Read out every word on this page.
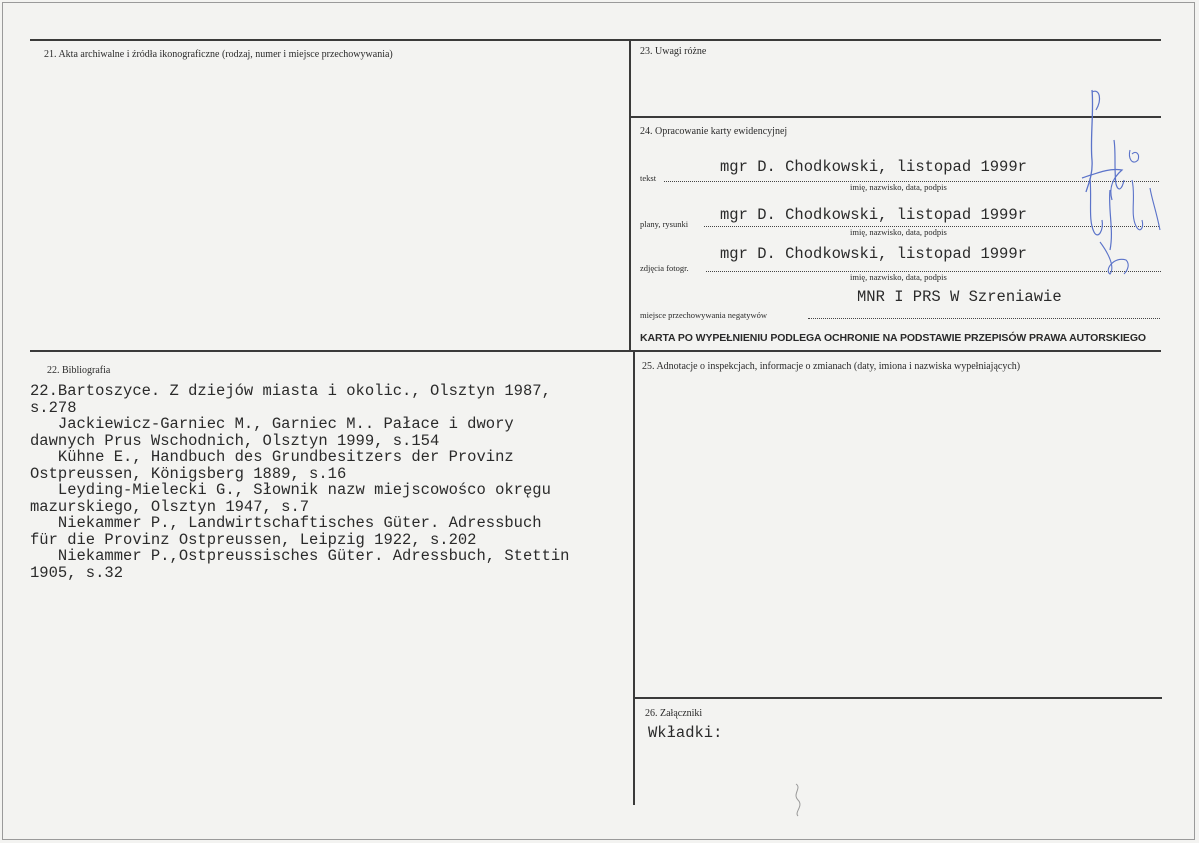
21. Akta archiwalne i źródła ikonograficzne (rodzaj, numer i miejsce przechowywania)	23. Uwagi różne
24. Opracowanie karty ewidencyjnej
mgr D. Chodkowski, listopad 1999r
tekst
imię, nazwisko, data, podpis
mgr D. Chodkowski, listopad 1999r
plany, rysunki
imię, nazwisko, data, podpis
mgr D. Chodkowski, listopad 1999r
zdjęcia fotogr.
imię, nazwisko, data, podpis
MNR I PRS W Szreniawie
miejsce przechowywania negatywów
KARTA PO WYPEŁNIENIU PODLEGA OCHRONIE NA PODSTAWIE PRZEPISÓW PRAWA AUTORSKIEGO
22. Bibliografia
22.Bartoszyce. Z dziejów miasta i okolic., Olsztyn 1987,
s.278
Jackiewicz-Garniec M., Garniec M.. Pałace i dwory
dawnych Prus Wschodnich, Olsztyn 1999, s.154
Kühne E., Handbuch des Grundbesitzers der Provinz
Ostpreussen, Königsberg 1889, s.16
Leyding-Mielecki G., Słownik nazw miejscowośco okręgu
mazurskiego, Olsztyn 1947, s.7
Niekammer P., Landwirtschaftisches Güter. Adressbuch
für die Provinz Ostpreussen, Leipzig 1922, s.202
Niekammer P.,Ostpreussisches Güter. Adressbuch, Stettin
1905, s.32
25. Adnotacje o inspekcjach, informacje o zmianach (daty, imiona i nazwiska wypełniających)
26. Załączniki
Wkładki:
